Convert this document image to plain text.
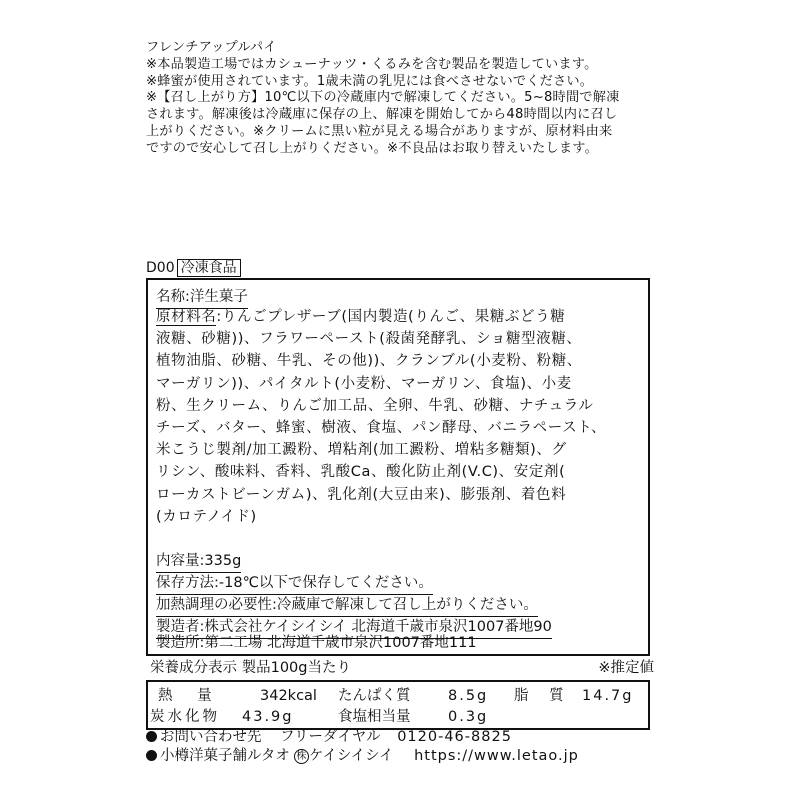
フレンチアップルパイ
※本品製造工場ではカシューナッツ・くるみを含む製品を製造しています。
※蜂蜜が使用されています。1歳未満の乳児には食べさせないでください。
※【召し上がり方】10℃以下の冷蔵庫内で解凍してください。5~8時間で解凍
されます。解凍後は冷蔵庫に保存の上、解凍を開始してから48時間以内に召し
上がりください。※クリームに黒い粒が見える場合がありますが、原材料由来
ですので安心して召し上がりください。※不良品はお取り替えいたします。
D00 冷凍食品
名称:洋生菓子
原材料名:りんごプレザーブ(国内製造(りんご、果糖ぶどう糖
液糖、砂糖))、フラワーペースト(殺菌発酵乳、ショ糖型液糖、
植物油脂、砂糖、牛乳、その他))、クランブル(小麦粉、粉糖、
マーガリン))、パイタルト(小麦粉、マーガリン、食塩)、小麦
粉、生クリーム、りんご加工品、全卵、牛乳、砂糖、ナチュラル
チーズ、バター、蜂蜜、樹液、食塩、パン酵母、バニラペースト、
米こうじ製剤/加工澱粉、増粘剤(加工澱粉、増粘多糖類)、グ
リシン、酸味料、香料、乳酸Ca、酸化防止剤(V.C)、安定剤(
ローカストビーンガム)、乳化剤(大豆由来)、膨張剤、着色料
(カロテノイド)
内容量:335g
保存方法:-18℃以下で保存してください。
加熱調理の必要性:冷蔵庫で解凍して召し上がりください。
製造者:株式会社ケイシイシイ 北海道千歳市泉沢1007番地90
製造所:第二工場 北海道千歳市泉沢1007番地111
栄養成分表示 製品100g当たり	※推定値
熱 量	342kcal たんぱく質	8.5g 脂 質 14.7g
炭水化物 43.9g	食塩相当量	0.3g
お問い合わせ先 フリーダイヤル 0120-46-8825
小樽洋菓子舗ルタオ 株 ケイシイシイ https://www.letao.jp
